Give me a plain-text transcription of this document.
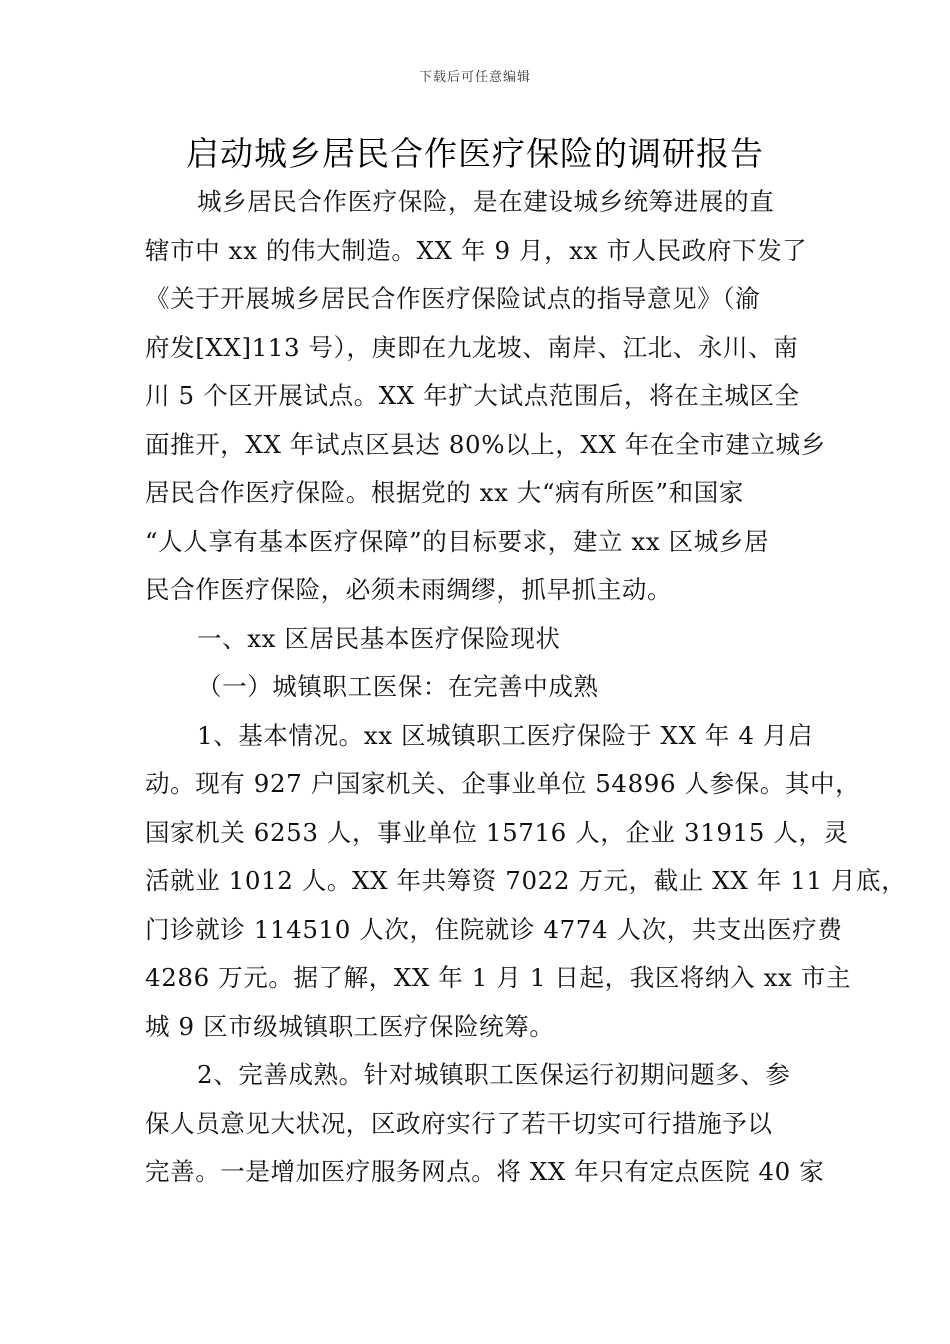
下载后可任意编辑
启动城乡居民合作医疗保险的调研报告
城乡居民合作医疗保险，是在建设城乡统筹进展的直
辖市中 xx 的伟大制造。XX 年 9 月，xx 市人民政府下发了
《关于开展城乡居民合作医疗保险试点的指导意见》（渝
府发[XX]113 号），庚即在九龙坡、南岸、江北、永川、南
川 5 个区开展试点。XX 年扩大试点范围后，将在主城区全
面推开，XX 年试点区县达 80%以上，XX 年在全市建立城乡
居民合作医疗保险。根据党的 xx 大“病有所医”和国家
“人人享有基本医疗保障”的目标要求，建立 xx 区城乡居
民合作医疗保险，必须未雨绸缪，抓早抓主动。
一、xx 区居民基本医疗保险现状
（一）城镇职工医保：在完善中成熟
1、基本情况。xx 区城镇职工医疗保险于 XX 年 4 月启
动。现有 927 户国家机关、企事业单位 54896 人参保。其中，
国家机关 6253 人，事业单位 15716 人，企业 31915 人，灵
活就业 1012 人。XX 年共筹资 7022 万元，截止 XX 年 11 月底，
门诊就诊 114510 人次，住院就诊 4774 人次，共支出医疗费
4286 万元。据了解，XX 年 1 月 1 日起，我区将纳入 xx 市主
城 9 区市级城镇职工医疗保险统筹。
2、完善成熟。针对城镇职工医保运行初期问题多、参
保人员意见大状况，区政府实行了若干切实可行措施予以
完善。一是增加医疗服务网点。将 XX 年只有定点医院 40 家
